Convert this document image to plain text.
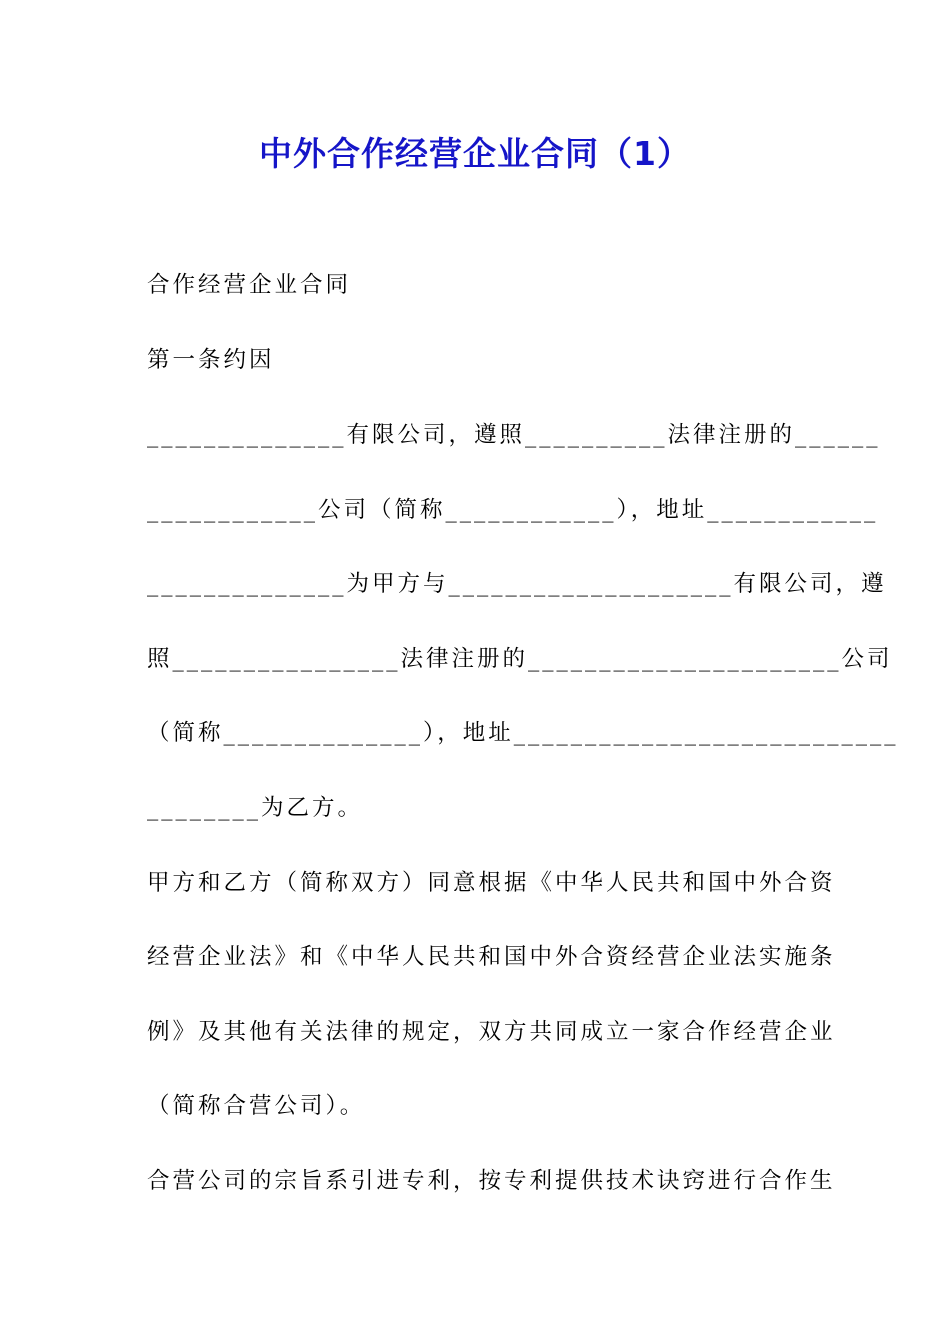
中外合作经营企业合同（1）
合作经营企业合同
第一条约因
______________有限公司，遵照__________法律注册的______
____________公司（简称____________），地址____________
______________为甲方与____________________有限公司，遵
照________________法律注册的______________________公司
（简称______________），地址___________________________
________为乙方。
甲方和乙方（简称双方）同意根据《中华人民共和国中外合资
经营企业法》和《中华人民共和国中外合资经营企业法实施条
例》及其他有关法律的规定，双方共同成立一家合作经营企业
（简称合营公司）。
合营公司的宗旨系引进专利，按专利提供技术诀窍进行合作生
